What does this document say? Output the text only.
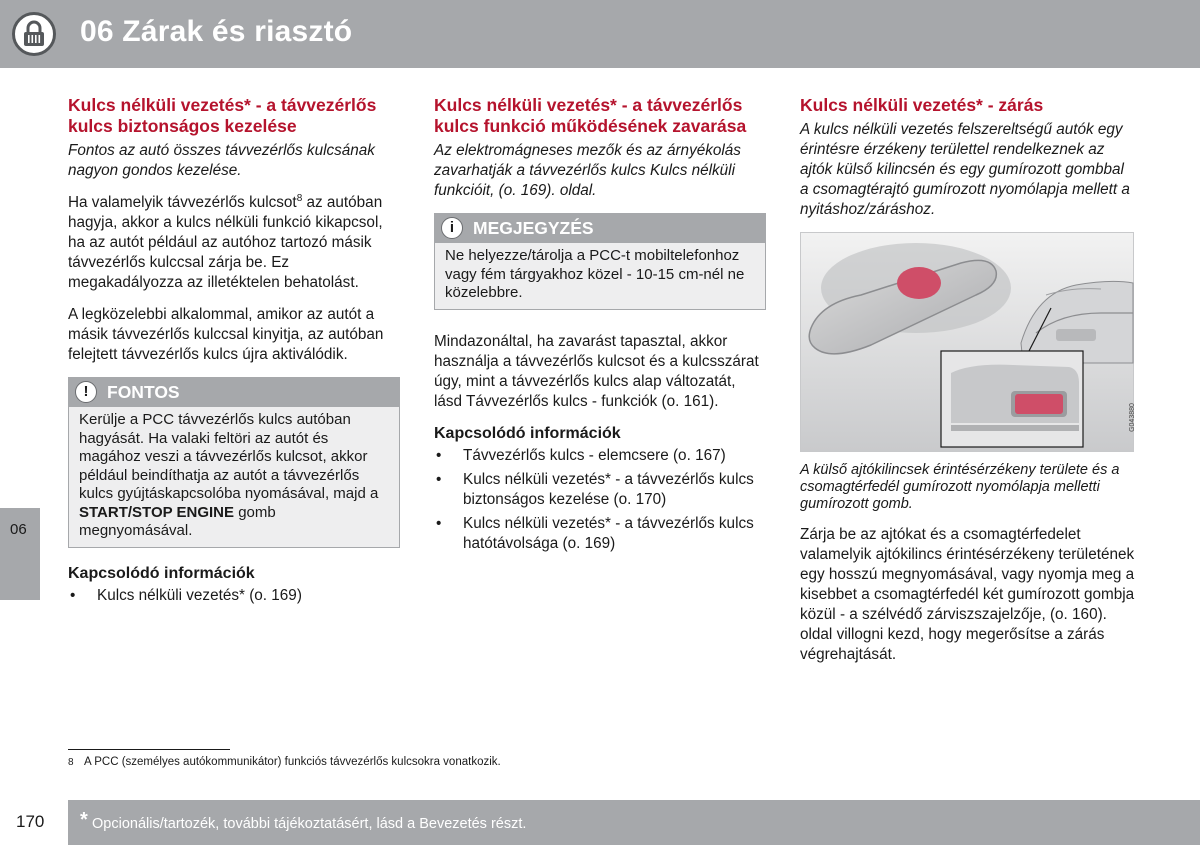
06 Zárak és riasztó
06
Kulcs nélküli vezetés* - a távvezérlős kulcs biztonságos kezelése
Fontos az autó összes távvezérlős kulcsának nagyon gondos kezelése.

Ha valamelyik távvezérlős kulcsot$^8$ az autóban hagyja, akkor a kulcs nélküli funkció kikapcsol, ha az autót például az autóhoz tartozó másik távvezérlős kulccsal zárja be. Ez megakadályozza az illetéktelen behatolást.

A legközelebbi alkalommal, amikor az autót a másik távvezérlős kulccsal kinyitja, az autóban felejtett távvezérlős kulcs újra aktiválódik.

!	FONTOS
Kerülje a PCC távvezérlős kulcs autóban hagyását. Ha valaki feltöri az autót és magához veszi a távvezérlős kulcsot, akkor például beindíthatja az autót a távvezérlős kulcs gyújtáskapcsolóba nyomásával, majd a START/STOP ENGINE gomb megnyomásával.
Kapcsolódó információk
• Kulcs nélküli vezetés* (o. 169)
Kulcs nélküli vezetés* - a távvezérlős kulcs funkció működésének zavarása
Az elektromágneses mezők és az árnyékolás zavarhatják a távvezérlős kulcs Kulcs nélküli funkcióit, (o. 169). oldal.
i	MEGJEGYZÉS
Ne helyezze/tárolja a PCC-t mobiltelefonhoz vagy fém tárgyakhoz közel - 10-15 cm-nél ne közelebbre.

Mindazonáltal, ha zavarást tapasztal, akkor használja a távvezérlős kulcsot és a kulcsszárat úgy, mint a távvezérlős kulcs alap változatát, lásd Távvezérlős kulcs - funkciók (o. 161).

Kapcsolódó információk
• Távvezérlős kulcs - elemcsere (o. 167)
• Kulcs nélküli vezetés* - a távvezérlős kulcs biztonságos kezelése (o. 170)
• Kulcs nélküli vezetés* - a távvezérlős kulcs hatótávolsága (o. 169)
Kulcs nélküli vezetés* - zárás
A kulcs nélküli vezetés felszereltségű autók egy érintésre érzékeny területtel rendelkeznek az ajtók külső kilincsén és egy gumírozott gombbal a csomagtérajtó gumírozott nyomólapja mellett a nyitáshoz/záráshoz.
G043880
A külső ajtókilincsek érintésérzékeny területe és a csomagtérfedél gumírozott nyomólapja melletti gumírozott gomb.

Zárja be az ajtókat és a csomagtérfedelet valamelyik ajtókilincs érintésérzékeny területének egy hosszú megnyomásával, vagy nyomja meg a kisebbet a csomagtérfedél két gumírozott gombja közül - a szélvédő zárviszszajelzője, (o. 160). oldal villogni kezd, hogy megerősítse a zárás végrehajtását.

8 A PCC (személyes autókommunikátor) funkciós távvezérlős kulcsokra vonatkozik.
170 * Opcionális/tartozék, további tájékoztatásért, lásd a Bevezetés részt.
